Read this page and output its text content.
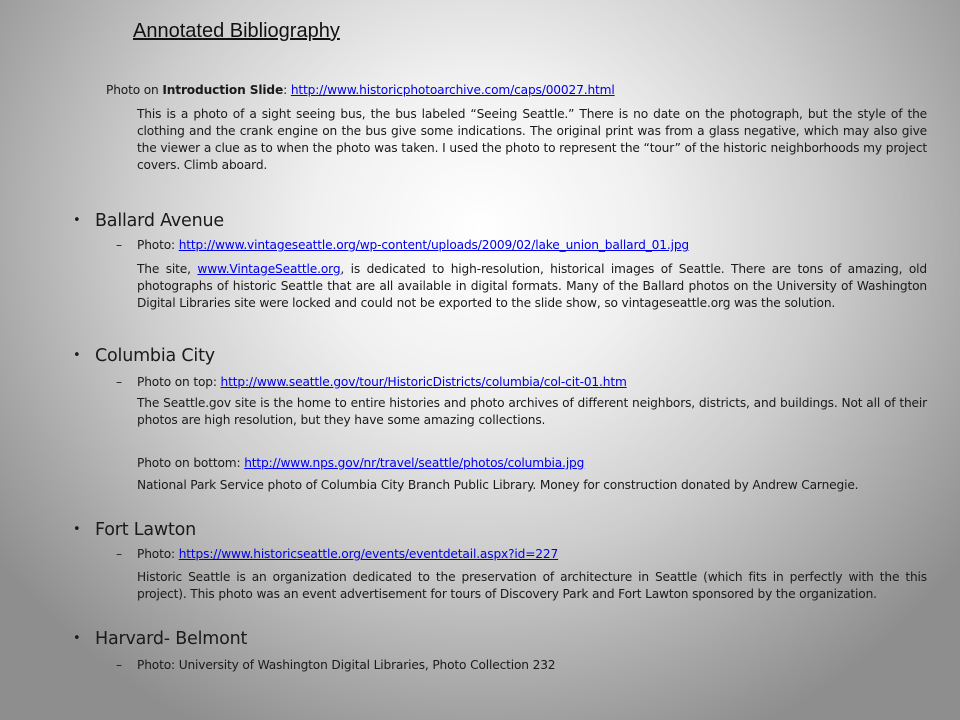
Annotated Bibliography
Photo on Introduction Slide: http://www.historicphotoarchive.com/caps/00027.html
This is a photo of a sight seeing bus, the bus labeled “Seeing Seattle.” There is no date on the photograph, but the style of the clothing and the crank engine on the bus give some indications. The original print was from a glass negative, which may also give the viewer a clue as to when the photo was taken. I used the photo to represent the “tour” of the historic neighborhoods my project covers. Climb aboard.
• Ballard Avenue
– Photo: http://www.vintageseattle.org/wp-content/uploads/2009/02/lake_union_ballard_01.jpg
The site, www.VintageSeattle.org, is dedicated to high-resolution, historical images of Seattle. There are tons of amazing, old photographs of historic Seattle that are all available in digital formats. Many of the Ballard photos on the University of Washington Digital Libraries site were locked and could not be exported to the slide show, so vintageseattle.org was the solution.
• Columbia City
– Photo on top: http://www.seattle.gov/tour/HistoricDistricts/columbia/col-cit-01.htm
The Seattle.gov site is the home to entire histories and photo archives of different neighbors, districts, and buildings. Not all of their photos are high resolution, but they have some amazing collections.
Photo on bottom: http://www.nps.gov/nr/travel/seattle/photos/columbia.jpg
National Park Service photo of Columbia City Branch Public Library. Money for construction donated by Andrew Carnegie.
• Fort Lawton
– Photo: https://www.historicseattle.org/events/eventdetail.aspx?id=227
Historic Seattle is an organization dedicated to the preservation of architecture in Seattle (which fits in perfectly with the this project). This photo was an event advertisement for tours of Discovery Park and Fort Lawton sponsored by the organization.
• Harvard- Belmont
– Photo: University of Washington Digital Libraries, Photo Collection 232
